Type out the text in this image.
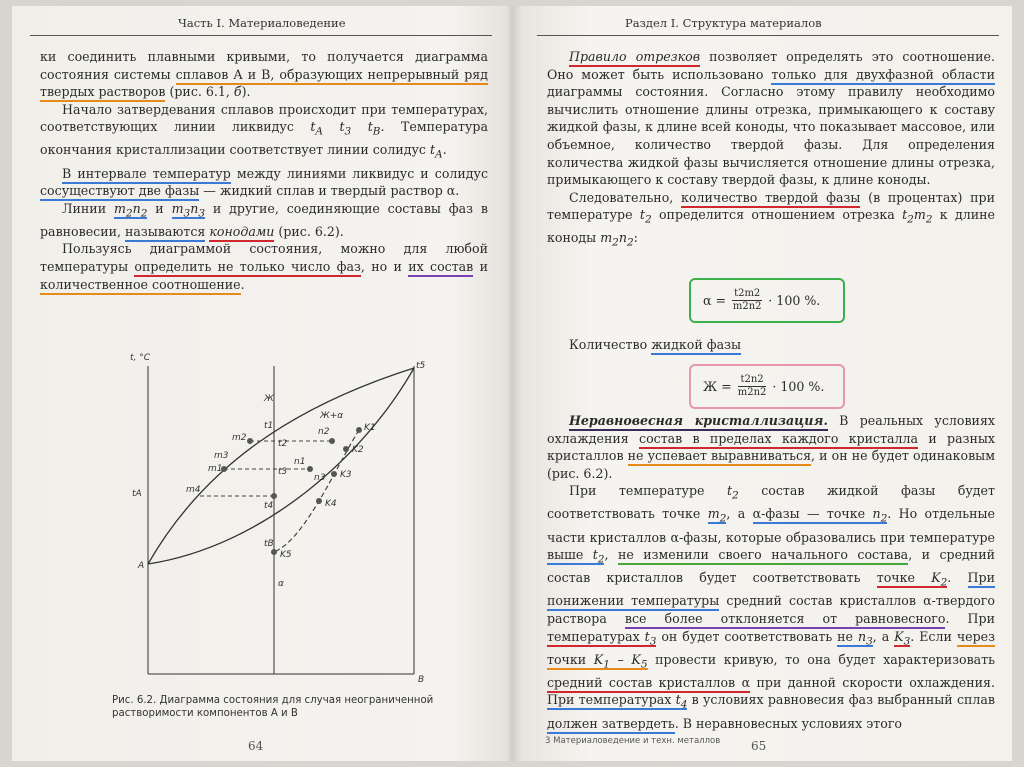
Часть I. Материаловедение

ки соединить плавными кривыми, то получается диаграмма состояния системы сплавов А и В, образующих непрерывный ряд твердых растворов (рис. 6.1, б).

Начало затвердевания сплавов происходит при температурах, соответствующих линии ликвидус $t_A$ $t_3$ $t_B$. Температура окончания кристаллизации соответствует линии солидус $t_A$.

В интервале температур между линиями ликвидус и солидус сосуществуют две фазы — жидкий сплав и твердый раствор α.

Линии $m_2n_2$ и $m_3n_3$ и другие, соединяющие составы фаз в равновесии, называются конодами (рис. 6.2).

Пользуясь диаграммой состояния, можно для любой температуры определить не только число фаз, но и их состав и количественное соотношение.

t, °C
Ж
Ж+α
α
A
B
t5
t1
t2
t3
t4
tA
tB
m2
m1
m3
m4
n2
n1
n3
K1
K2
K3
K4
K5
Рис. 6.2. Диаграмма состояния для случая неограниченной растворимости компонентов А и В
64
Раздел I. Структура материалов

Правило отрезков позволяет определять это соотношение. Оно может быть использовано только для двухфазной области диаграммы состояния. Согласно этому правилу необходимо вычислить отношение длины отрезка, примыкающего к составу жидкой фазы, к длине всей коноды, что показывает массовое, или объемное, количество твердой фазы. Для определения количества жидкой фазы вычисляется отношение длины отрезка, примыкающего к составу твердой фазы, к длине коноды.

Следовательно, количество твердой фазы (в процентах) при температуре $t_2$ определится отношением отрезка $t_2m_2$ к длине коноды $m_2n_2$:

$\alpha = \frac{t2m2}{m2n2} \cdot 100$ %.

Количество жидкой фазы

$Ж = \frac{t2n2}{m2n2} \cdot 100$ %.

Неравновесная кристаллизация. В реальных условиях охлаждения состав в пределах каждого кристалла и разных кристаллов не успевает выравниваться, и он не будет одинаковым (рис. 6.2).

При температуре $t_2$ состав жидкой фазы будет соответствовать точке $m_2$, а α-фазы — точке $n_2$. Но отдельные части кристаллов α-фазы, которые образовались при температуре выше $t_2$, не изменили своего начального состава, и средний состав кристаллов будет соответствовать точке $K_2$. При понижении температуры средний состав кристаллов α-твердого раствора все более отклоняется от равновесного. При температурах $t_3$ он будет соответствовать не $n_3$, а $K_3$. Если через точки $K_1 - K_5$ провести кривую, то она будет характеризовать средний состав кристаллов α при данной скорости охлаждения. При температурах $t_4$ в условиях равновесия фаз выбранный сплав должен затвердеть. В неравновесных условиях этого

3 Материаловедение и техн. металлов	65
